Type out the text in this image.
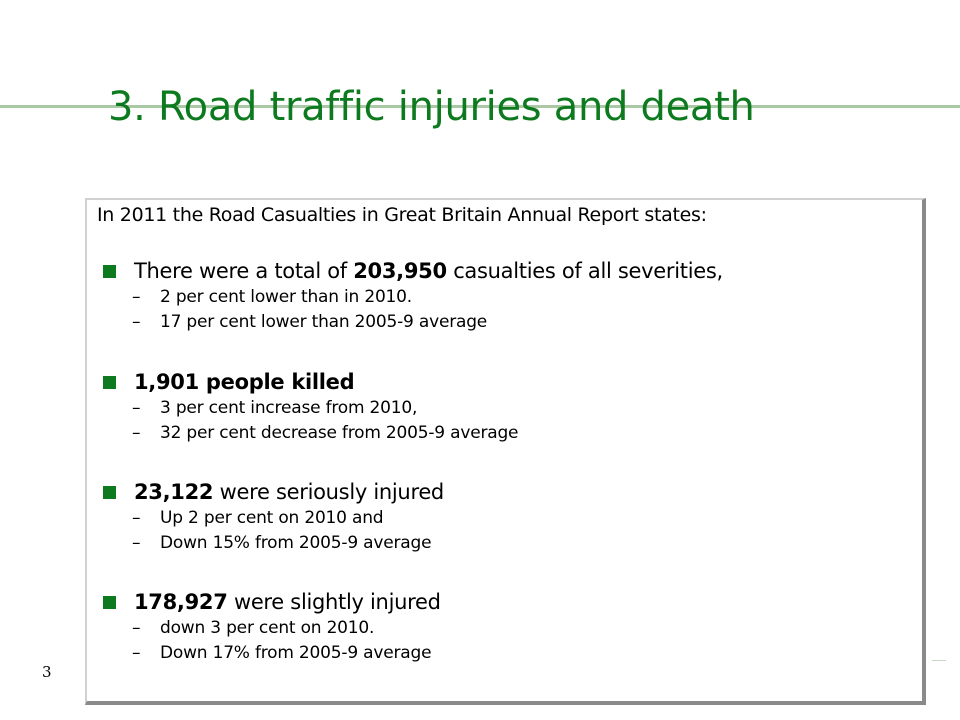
3. Road traffic injuries and death
In 2011 the Road Casualties in Great Britain Annual Report states:
There were a total of 203,950 casualties of all severities,
– 2 per cent lower than in 2010.
– 17 per cent lower than 2005-9 average
1,901 people killed
– 3 per cent increase from 2010,
– 32 per cent decrease from 2005-9 average
23,122 were seriously injured
– Up 2 per cent on 2010 and
– Down 15% from 2005-9 average
178,927 were slightly injured
– down 3 per cent on 2010.
– Down 17% from 2005-9 average
3
